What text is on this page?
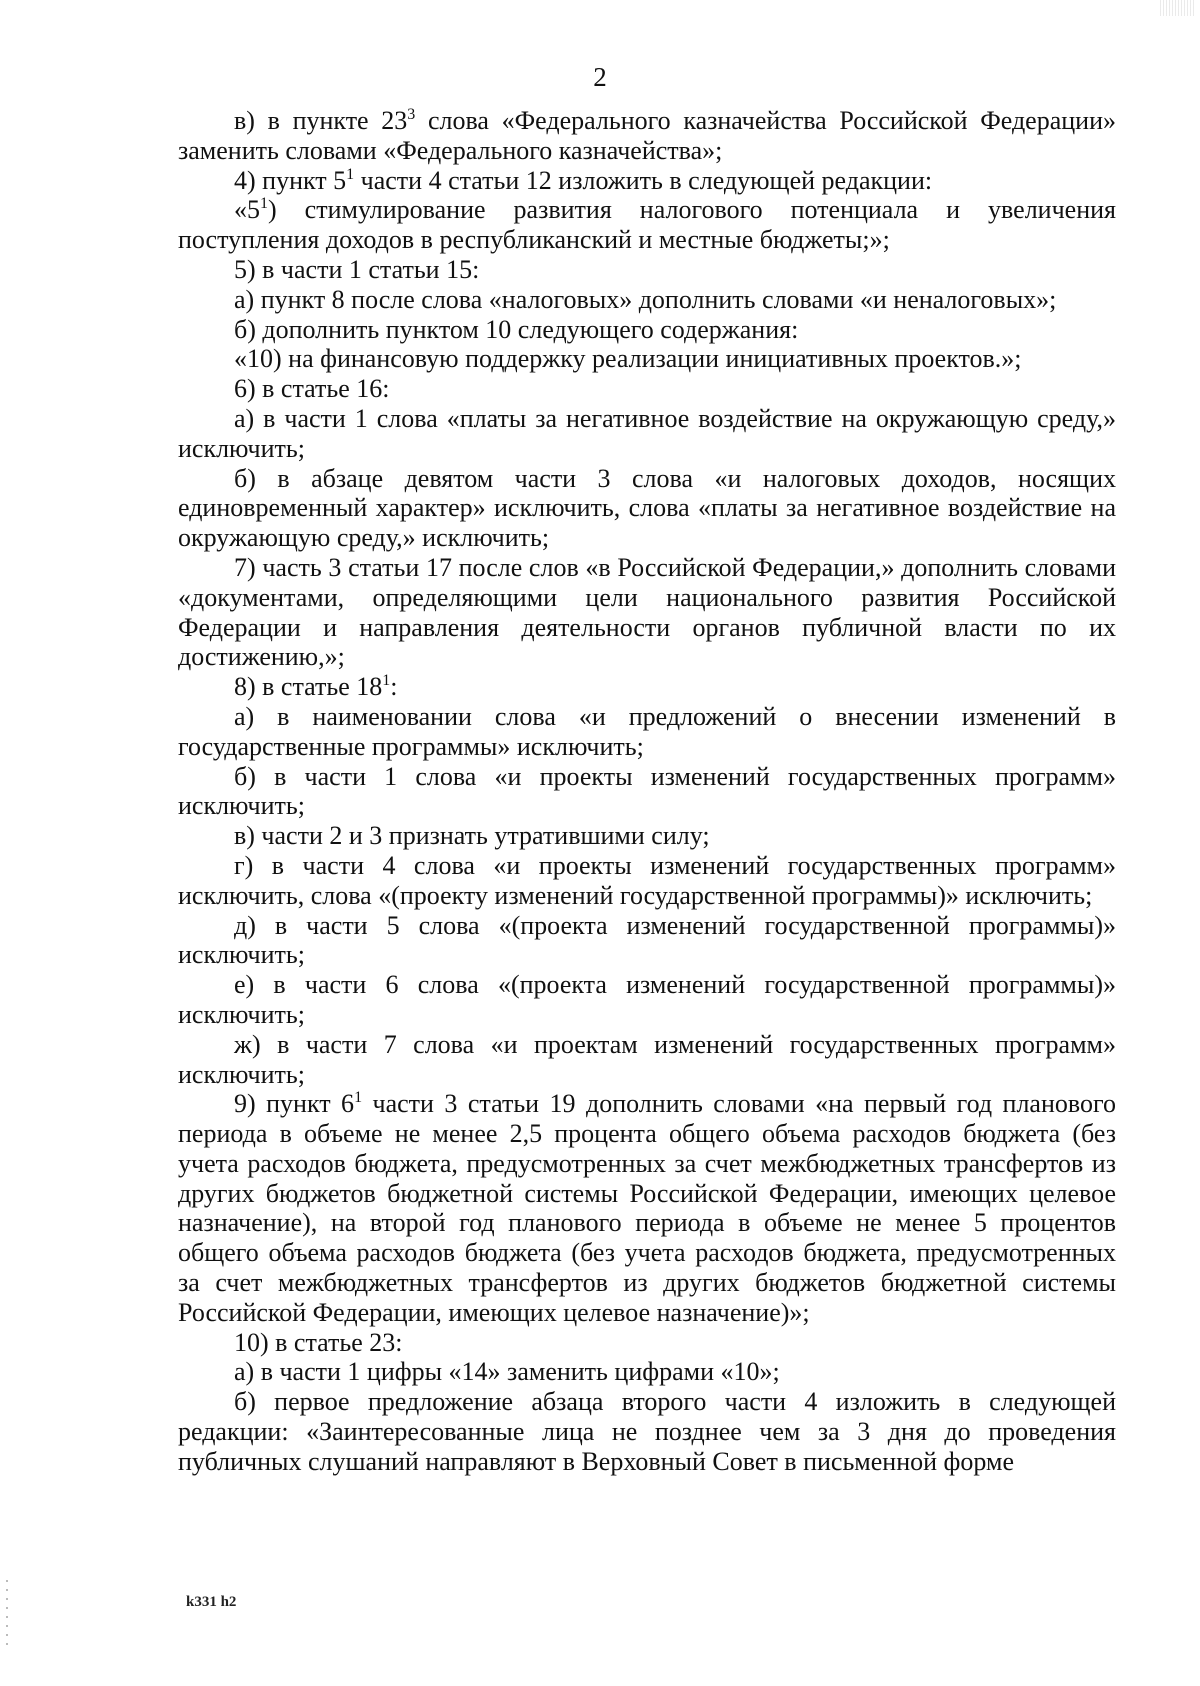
2

в) в пункте $23^3$ слова «Федерального казначейства Российской Федерации» заменить словами «Федерального казначейства»;

4) пункт $5^1$ части 4 статьи 12 изложить в следующей редакции:

«$5^1$) стимулирование развития налогового потенциала и увеличения поступления доходов в республиканский и местные бюджеты;»;

5) в части 1 статьи 15:

а) пункт 8 после слова «налоговых» дополнить словами «и неналоговых»;

б) дополнить пунктом 10 следующего содержания:

«10) на финансовую поддержку реализации инициативных проектов.»;

6) в статье 16:

а) в части 1 слова «платы за негативное воздействие на окружающую среду,» исключить;

б) в абзаце девятом части 3 слова «и налоговых доходов, носящих единовременный характер» исключить, слова «платы за негативное воздействие на окружающую среду,» исключить;

7) часть 3 статьи 17 после слов «в Российской Федерации,» дополнить словами «документами, определяющими цели национального развития Российской Федерации и направления деятельности органов публичной власти по их достижению,»;

8) в статье $18^1$:

а) в наименовании слова «и предложений о внесении изменений в государственные программы» исключить;

б) в части 1 слова «и проекты изменений государственных программ» исключить;

в) части 2 и 3 признать утратившими силу;

г) в части 4 слова «и проекты изменений государственных программ» исключить, слова «(проекту изменений государственной программы)» исключить;

д) в части 5 слова «(проекта изменений государственной программы)» исключить;

е) в части 6 слова «(проекта изменений государственной программы)» исключить;

ж) в части 7 слова «и проектам изменений государственных программ» исключить;

9) пункт $6^1$ части 3 статьи 19 дополнить словами «на первый год планового периода в объеме не менее 2,5 процента общего объема расходов бюджета (без учета расходов бюджета, предусмотренных за счет межбюджетных трансфертов из других бюджетов бюджетной системы Российской Федерации, имеющих целевое назначение), на второй год планового периода в объеме не менее 5 процентов общего объема расходов бюджета (без учета расходов бюджета, предусмотренных за счет межбюджетных трансфертов из других бюджетов бюджетной системы Российской Федерации, имеющих целевое назначение)»;

10) в статье 23:

а) в части 1 цифры «14» заменить цифрами «10»;

б) первое предложение абзаца второго части 4 изложить в следующей редакции: «Заинтересованные лица не позднее чем за 3 дня до проведения публичных слушаний направляют в Верховный Совет в письменной форме

k331 h2
